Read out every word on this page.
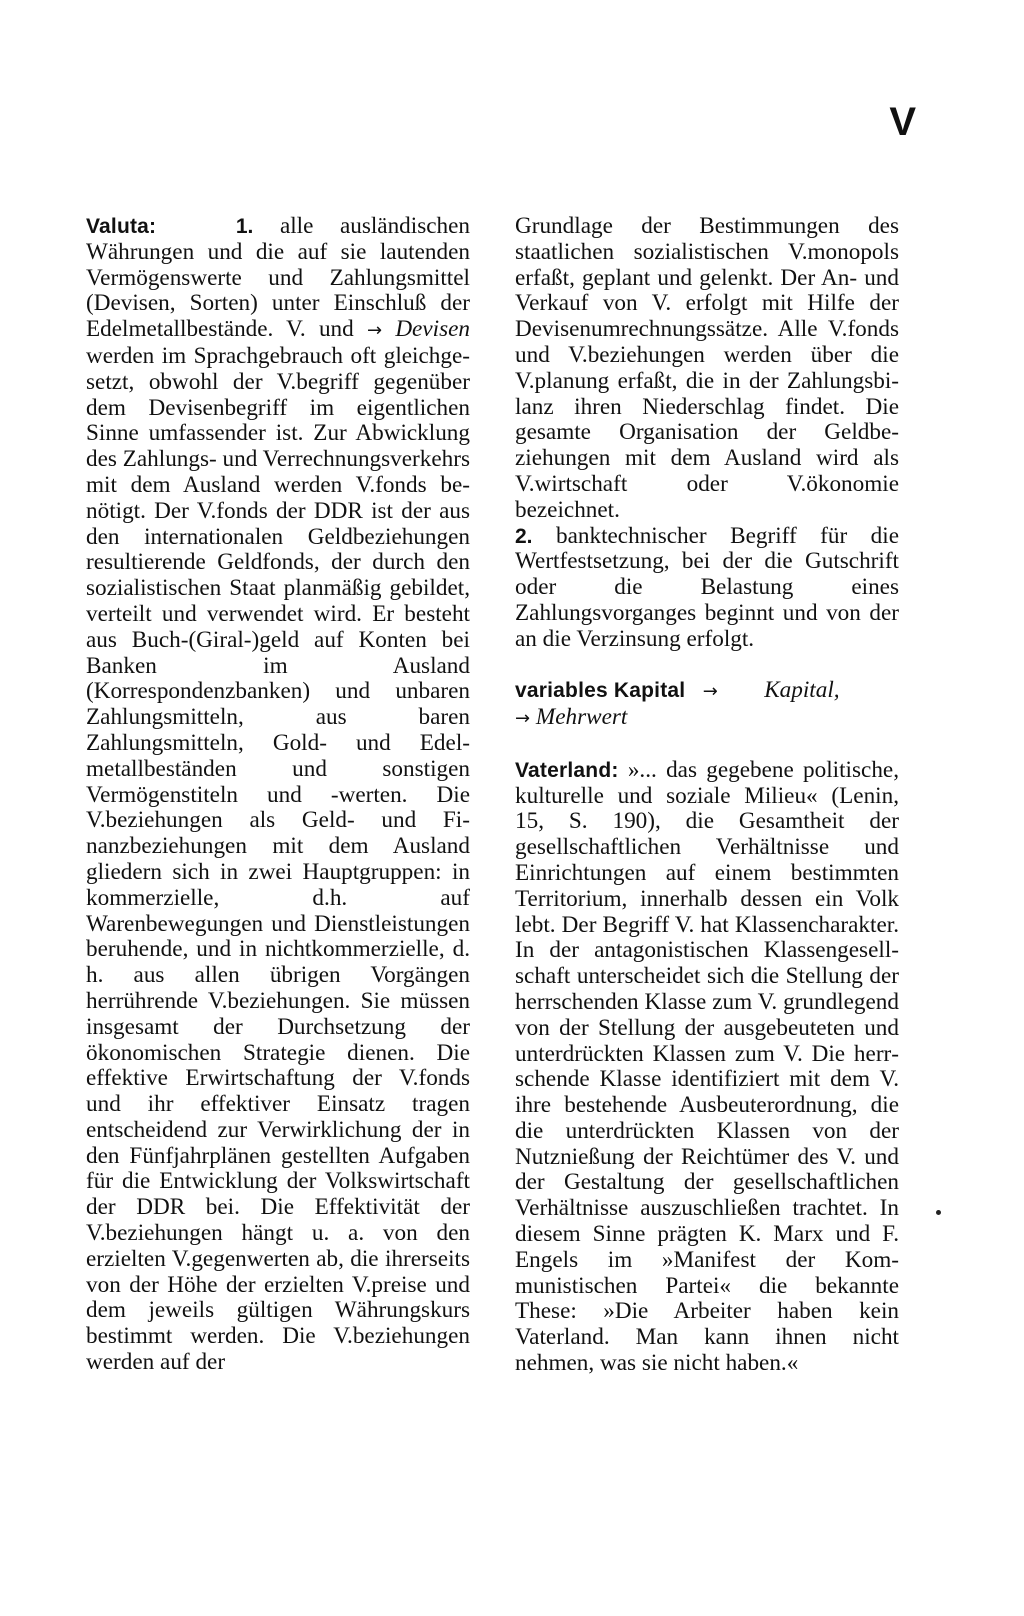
V

Valuta:	1. alle ausländischen Währungen und die auf sie lautenden Vermögenswerte und Zahlungsmittel (Devisen, Sorten) unter Einschluß der Edelmetallbestände. V. und → Devisen werden im Sprachgebrauch oft gleichgesetzt, obwohl der V.begriff gegenüber dem Devisenbegriff im eigentlichen Sinne umfassender ist. Zur Abwicklung des Zahlungs- und Verrechnungsverkehrs mit dem Ausland werden V.fonds benötigt. Der V.fonds der DDR ist der aus den internationalen Geldbeziehungen resultierende Geldfonds, der durch den sozialistischen Staat planmäßig gebildet, verteilt und verwendet wird. Er besteht aus Buch-(Giral-)geld auf Konten bei Banken im Ausland (Korrespondenzbanken) und unbaren Zahlungsmitteln, aus baren Zahlungsmitteln, Gold- und Edelmetallbeständen und sonstigen Vermögenstiteln und -werten. Die V.beziehungen als Geld- und Finanzbeziehungen mit dem Ausland gliedern sich in zwei Hauptgruppen: in kommerzielle, d.h. auf Warenbewegungen und Dienstleistungen beruhende, und in nichtkommerzielle, d. h. aus allen übrigen Vorgängen herrührende V.beziehungen. Sie müssen insgesamt der Durchsetzung der ökonomischen Strategie dienen. Die effektive Erwirtschaftung der V.fonds und ihr effektiver Einsatz tragen entscheidend zur Verwirklichung der in den Fünfjahrplänen gestellten Aufgaben für die Entwicklung der Volkswirtschaft der DDR bei. Die Effektivität der V.beziehungen hängt u. a. von den erzielten V.gegenwerten ab, die ihrerseits von der Höhe der erzielten V.preise und dem jeweils gültigen Währungskurs bestimmt werden. Die V.beziehungen werden auf der

Grundlage der Bestimmungen des staatlichen sozialistischen V.monopols erfaßt, geplant und gelenkt. Der An- und Verkauf von V. erfolgt mit Hilfe der Devisenumrechnungssätze. Alle V.fonds und V.beziehungen werden über die V.planung erfaßt, die in der Zahlungsbilanz ihren Niederschlag findet. Die gesamte Organisation der Geldbeziehungen mit dem Ausland wird als V.wirtschaft oder V.ökonomie bezeichnet.

2. banktechnischer Begriff für die Wertfestsetzung, bei der die Gutschrift oder die Belastung eines Zahlungsvorganges beginnt und von der an die Verzinsung erfolgt.

variables Kapital → Kapital,
→ Mehrwert

Vaterland: »... das gegebene politische, kulturelle und soziale Milieu« (Lenin, 15, S. 190), die Gesamtheit der gesellschaftlichen Verhältnisse und Einrichtungen auf einem bestimmten Territorium, innerhalb dessen ein Volk lebt. Der Begriff V. hat Klassencharakter. In der antagonistischen Klassengesellschaft unterscheidet sich die Stellung der herrschenden Klasse zum V. grundlegend von der Stellung der ausgebeuteten und unterdrückten Klassen zum V. Die herrschende Klasse identifiziert mit dem V. ihre bestehende Ausbeuterordnung, die die unterdrückten Klassen von der Nutznießung der Reichtümer des V. und der Gestaltung der gesellschaftlichen Verhältnisse auszuschließen trachtet. In diesem Sinne prägten K. Marx und F. Engels im »Manifest der Kommunistischen Partei« die bekannte These: »Die Arbeiter haben kein Vaterland. Man kann ihnen nicht nehmen, was sie nicht haben.«
